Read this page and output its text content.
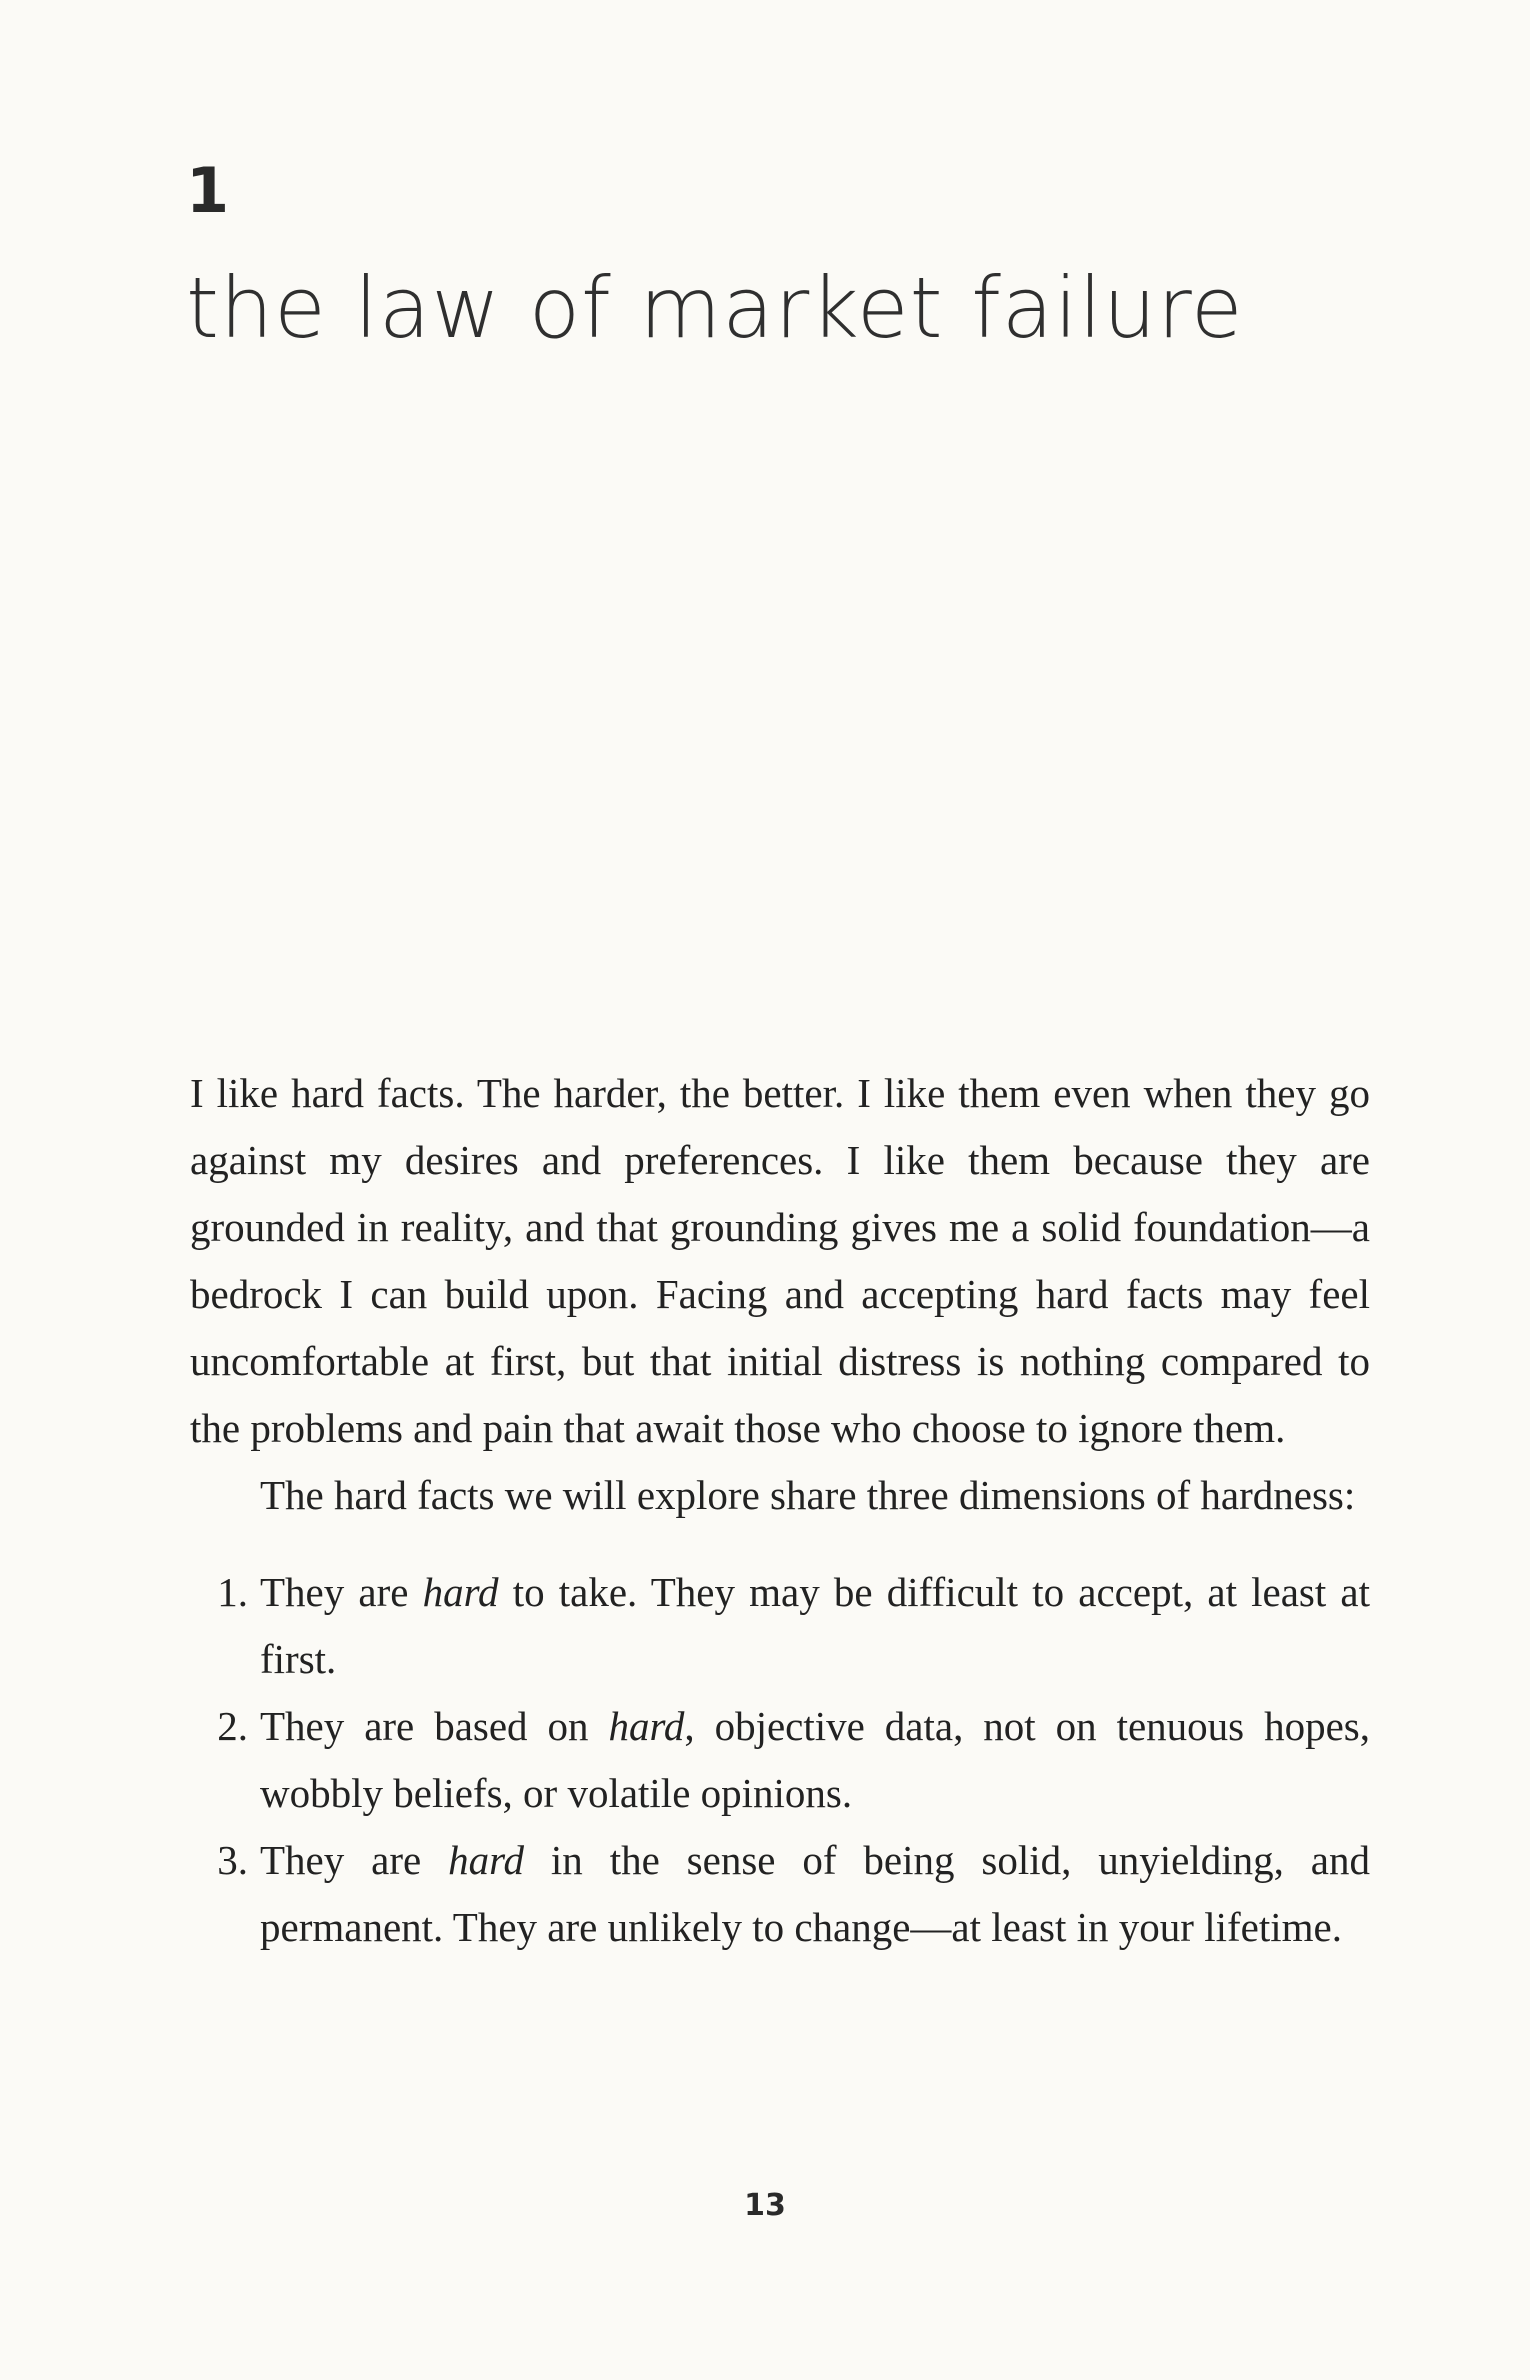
1
the law of market failure

I like hard facts. The harder, the better. I like them even when they go against my desires and preferences. I like them because they are grounded in reality, and that grounding gives me a solid foundation—a bedrock I can build upon. Facing and accepting hard facts may feel uncomfortable at first, but that initial distress is nothing compared to the problems and pain that await those who choose to ignore them.

The hard facts we will explore share three dimensions of hardness:

1. They are hard to take. They may be difficult to accept, at least at first.
2. They are based on hard, objective data, not on tenuous hopes, wobbly beliefs, or volatile opinions.
3. They are hard in the sense of being solid, unyielding, and permanent. They are unlikely to change—at least in your lifetime.
13
